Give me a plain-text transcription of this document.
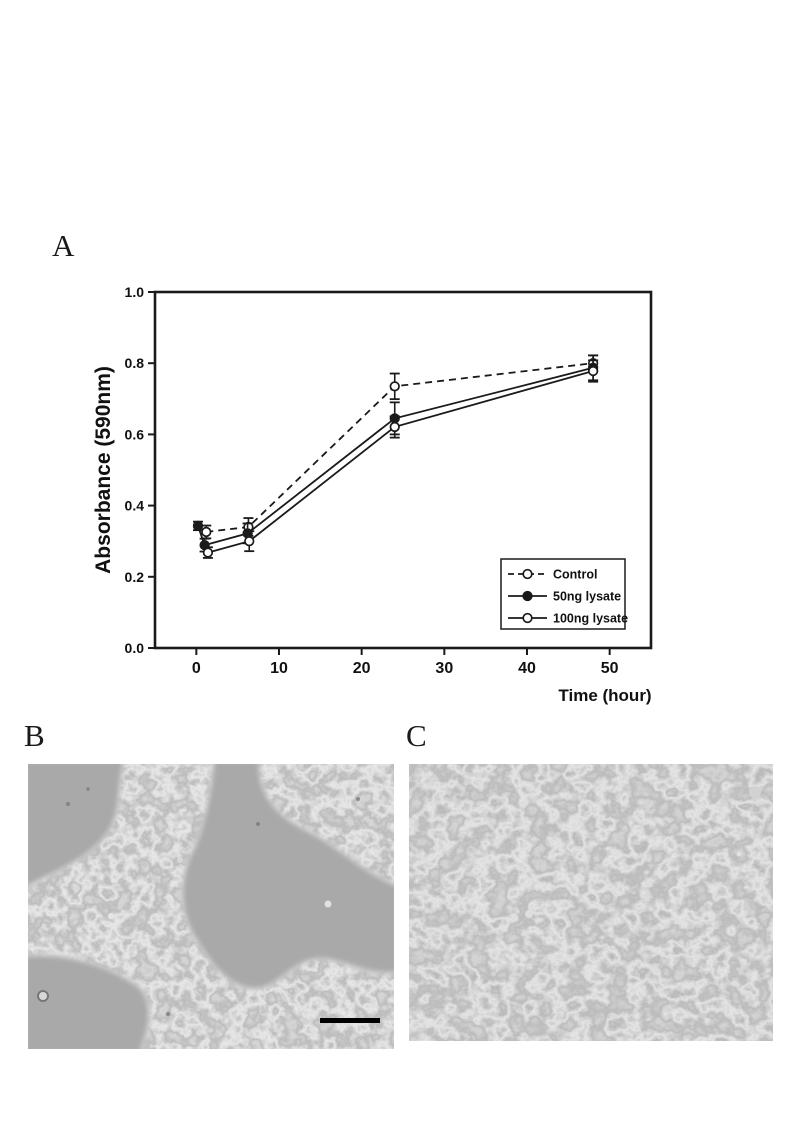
A
0	10	20	30	40	50
0.0
0.2
0.4
0.6
0.8
1.0
Time (hour)
Absorbance (590nm)
Control
50ng lysate
100ng lysate
B	C
